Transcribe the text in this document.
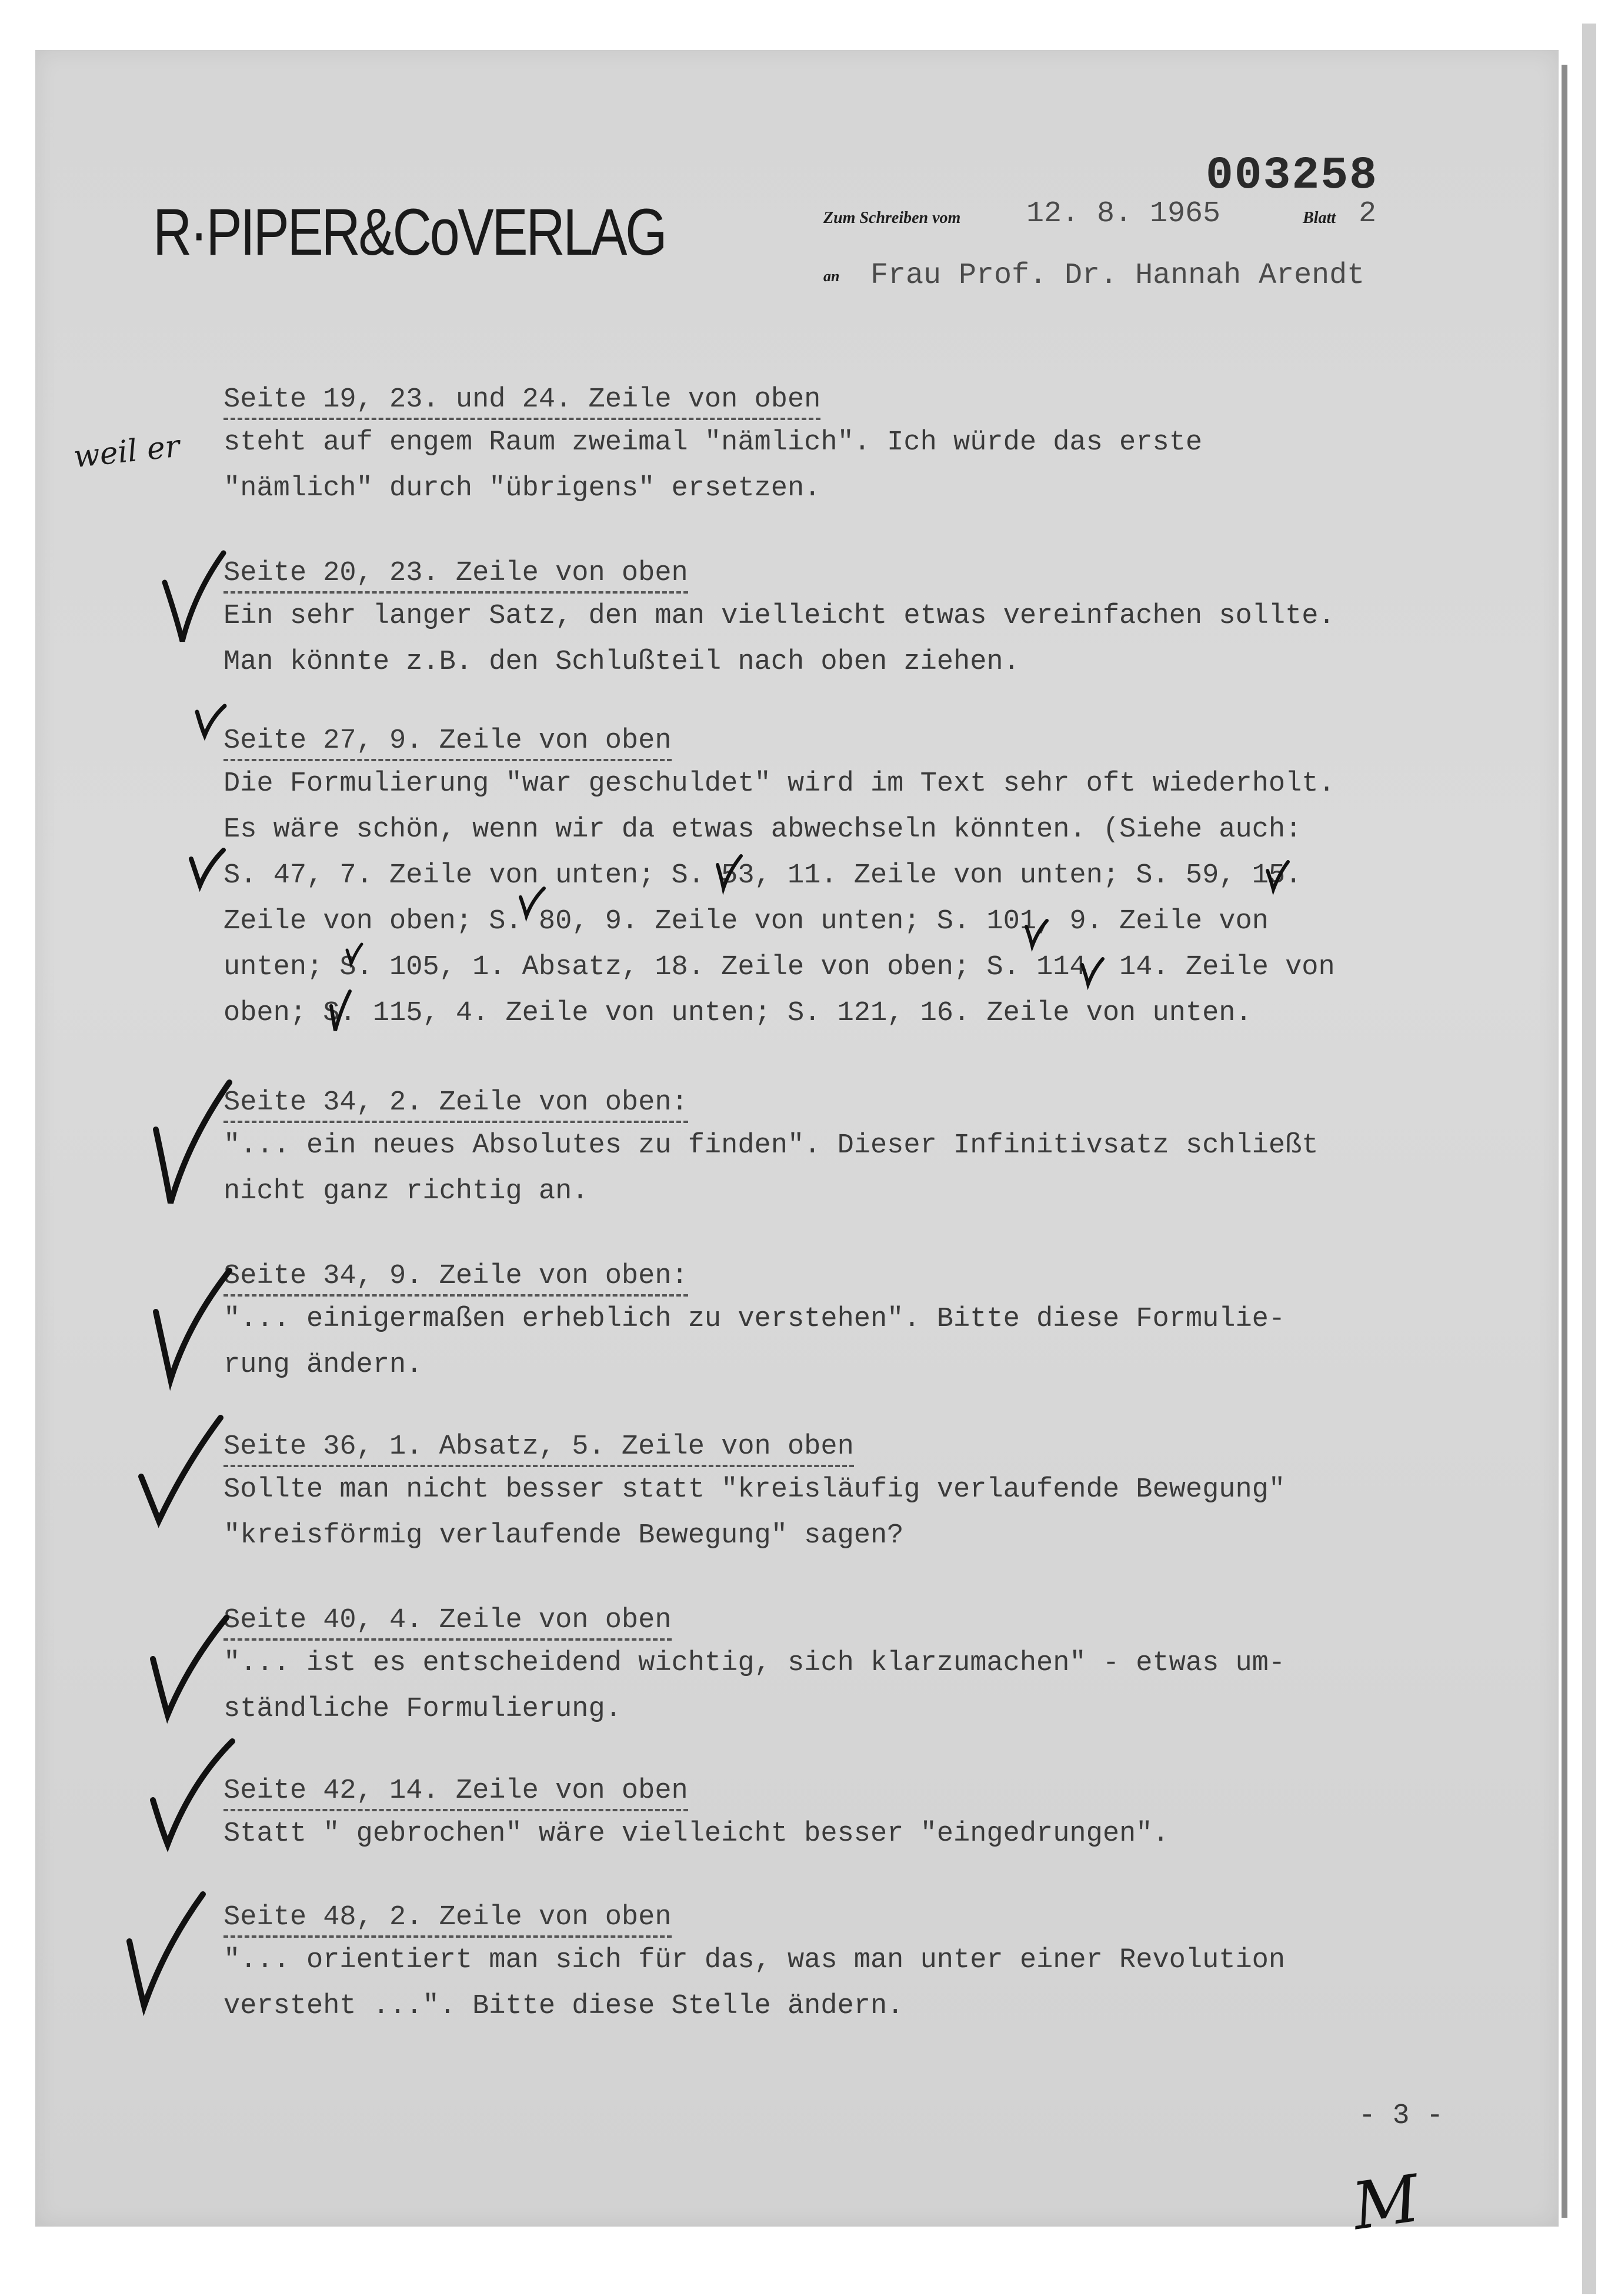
003258
R·PIPER&CoVERLAG	Zum Schreiben vom 12. 8. 1965	Blatt 2
an Frau Prof. Dr. Hannah Arendt
Seite 19, 23. und 24. Zeile von oben
steht auf engem Raum zweimal "nämlich". Ich würde das erste
"nämlich" durch "übrigens" ersetzen.
Seite 20, 23. Zeile von oben
Ein sehr langer Satz, den man vielleicht etwas vereinfachen sollte.
Man könnte z.B. den Schlußteil nach oben ziehen.
Seite 27, 9. Zeile von oben
Die Formulierung "war geschuldet" wird im Text sehr oft wiederholt.
Es wäre schön, wenn wir da etwas abwechseln könnten. (Siehe auch:
S. 47, 7. Zeile von unten; S. 53, 11. Zeile von unten; S. 59, 15.
Zeile von oben; S. 80, 9. Zeile von unten; S. 101, 9. Zeile von
unten; S. 105, 1. Absatz, 18. Zeile von oben; S. 114, 14. Zeile von
oben; S. 115, 4. Zeile von unten; S. 121, 16. Zeile von unten.
Seite 34, 2. Zeile von oben:
"... ein neues Absolutes zu finden". Dieser Infinitivsatz schließt
nicht ganz richtig an.
Seite 34, 9. Zeile von oben:
"... einigermaßen erheblich zu verstehen". Bitte diese Formulie-
rung ändern.
Seite 36, 1. Absatz, 5. Zeile von oben
Sollte man nicht besser statt "kreisläufig verlaufende Bewegung"
"kreisförmig verlaufende Bewegung" sagen?
Seite 40, 4. Zeile von oben
"... ist es entscheidend wichtig, sich klarzumachen" - etwas um-
ständliche Formulierung.
Seite 42, 14. Zeile von oben
Statt " gebrochen" wäre vielleicht besser "eingedrungen".
Seite 48, 2. Zeile von oben
"... orientiert man sich für das, was man unter einer Revolution
versteht ...". Bitte diese Stelle ändern.
weil er
- 3 -
M
